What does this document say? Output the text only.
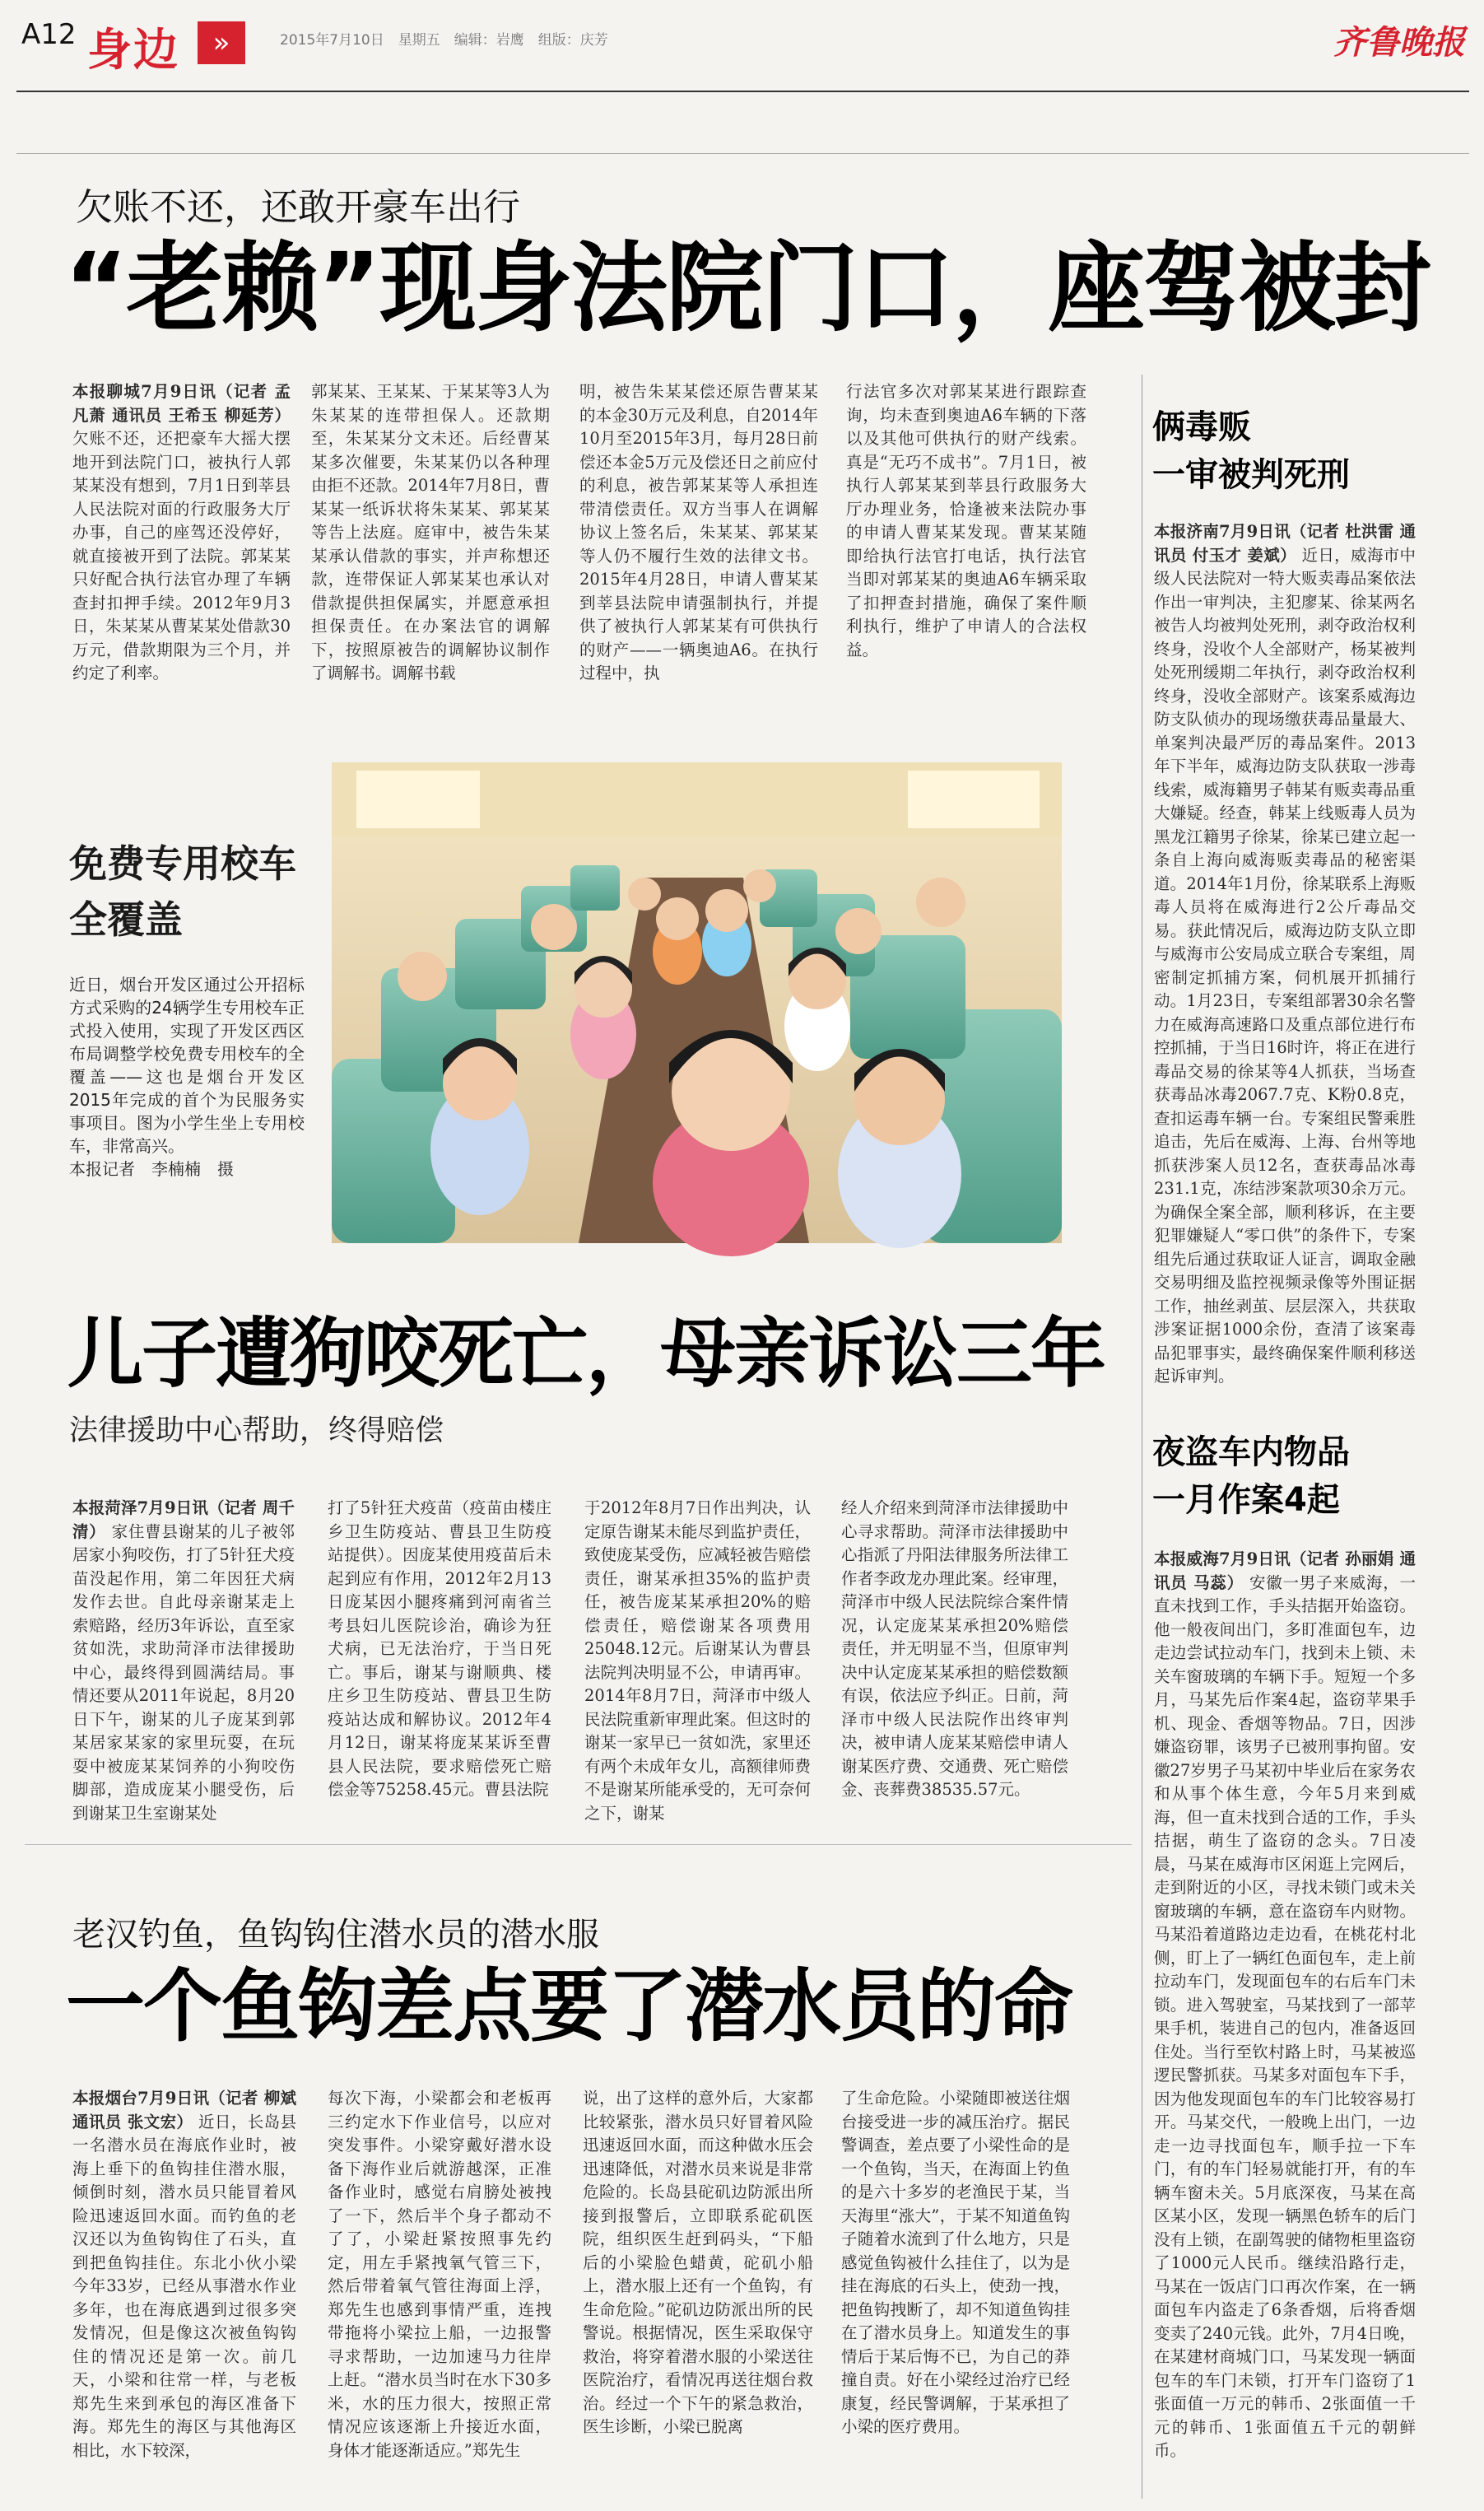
A12 身边	»	2015年7月10日　星期五　编辑：岩鹰　组版：庆芳	齐鲁晚报
欠账不还，还敢开豪车出行
“老赖”现身法院门口，座驾被封
本报聊城7月9日讯（记者 孟凡萧 通讯员 王希玉 柳延芳） 欠账不还，还把豪车大摇大摆地开到法院门口，被执行人郭某某没有想到，7月1日到莘县人民法院对面的行政服务大厅办事，自己的座驾还没停好，就直接被开到了法院。郭某某只好配合执行法官办理了车辆查封扣押手续。2012年9月3日，朱某某从曹某某处借款30万元，借款期限为三个月，并约定了利率。
郭某某、王某某、于某某等3人为朱某某的连带担保人。还款期至，朱某某分文未还。后经曹某某多次催要，朱某某仍以各种理由拒不还款。2014年7月8日，曹某某一纸诉状将朱某某、郭某某等告上法庭。庭审中，被告朱某某承认借款的事实，并声称想还款，连带保证人郭某某也承认对借款提供担保属实，并愿意承担担保责任。在办案法官的调解下，按照原被告的调解协议制作了调解书。调解书载
明，被告朱某某偿还原告曹某某的本金30万元及利息，自2014年10月至2015年3月，每月28日前偿还本金5万元及偿还日之前应付的利息，被告郭某某等人承担连带清偿责任。双方当事人在调解协议上签名后，朱某某、郭某某等人仍不履行生效的法律文书。2015年4月28日，申请人曹某某到莘县法院申请强制执行，并提供了被执行人郭某某有可供执行的财产——一辆奥迪A6。在执行过程中，执
行法官多次对郭某某进行跟踪查询，均未查到奥迪A6车辆的下落以及其他可供执行的财产线索。真是“无巧不成书”。7月1日，被执行人郭某某到莘县行政服务大厅办理业务，恰逢被来法院办事的申请人曹某某发现。曹某某随即给执行法官打电话，执行法官当即对郭某某的奥迪A6车辆采取了扣押查封措施，确保了案件顺利执行，维护了申请人的合法权益。
免费专用校车全覆盖
近日，烟台开发区通过公开招标方式采购的24辆学生专用校车正式投入使用，实现了开发区西区布局调整学校免费专用校车的全覆盖——这也是烟台开发区2015年完成的首个为民服务实事项目。图为小学生坐上专用校车，非常高兴。
本报记者　李楠楠　摄
儿子遭狗咬死亡，母亲诉讼三年
法律援助中心帮助，终得赔偿
本报菏泽7月9日讯（记者 周千清） 家住曹县谢某的儿子被邻居家小狗咬伤，打了5针狂犬疫苗没起作用，第二年因狂犬病发作去世。自此母亲谢某走上索赔路，经历3年诉讼，直至家贫如洗，求助菏泽市法律援助中心，最终得到圆满结局。事情还要从2011年说起，8月20日下午，谢某的儿子庞某到郭某居家某家的家里玩耍，在玩耍中被庞某某饲养的小狗咬伤脚部，造成庞某小腿受伤，后到谢某卫生室谢某处
打了5针狂犬疫苗（疫苗由楼庄乡卫生防疫站、曹县卫生防疫站提供）。因庞某使用疫苗后未起到应有作用，2012年2月13日庞某因小腿疼痛到河南省兰考县妇儿医院诊治，确诊为狂犬病，已无法治疗，于当日死亡。事后，谢某与谢顺典、楼庄乡卫生防疫站、曹县卫生防疫站达成和解协议。2012年4月12日，谢某将庞某某诉至曹县人民法院，要求赔偿死亡赔偿金等75258.45元。曹县法院
于2012年8月7日作出判决，认定原告谢某未能尽到监护责任，致使庞某受伤，应减轻被告赔偿责任，谢某承担35%的监护责任，被告庞某某承担20%的赔偿责任，赔偿谢某各项费用25048.12元。后谢某认为曹县法院判决明显不公，申请再审。2014年8月7日，菏泽市中级人民法院重新审理此案。但这时的谢某一家早已一贫如洗，家里还有两个未成年女儿，高额律师费不是谢某所能承受的，无可奈何之下，谢某
经人介绍来到菏泽市法律援助中心寻求帮助。菏泽市法律援助中心指派了丹阳法律服务所法律工作者李政龙办理此案。经审理，菏泽市中级人民法院综合案件情况，认定庞某某承担20%赔偿责任，并无明显不当，但原审判决中认定庞某某承担的赔偿数额有误，依法应予纠正。日前，菏泽市中级人民法院作出终审判决，被申请人庞某某赔偿申请人谢某医疗费、交通费、死亡赔偿金、丧葬费38535.57元。
老汉钓鱼，鱼钩钩住潜水员的潜水服
一个鱼钩差点要了潜水员的命
本报烟台7月9日讯（记者 柳斌 通讯员 张文宏） 近日，长岛县一名潜水员在海底作业时，被海上垂下的鱼钩挂住潜水服，倾倒时刻，潜水员只能冒着风险迅速返回水面。而钓鱼的老汉还以为鱼钩钩住了石头，直到把鱼钩挂住。东北小伙小梁今年33岁，已经从事潜水作业多年，也在海底遇到过很多突发情况，但是像这次被鱼钩钩住的情况还是第一次。前几天，小梁和往常一样，与老板郑先生来到承包的海区准备下海。郑先生的海区与其他海区相比，水下较深，
每次下海，小梁都会和老板再三约定水下作业信号，以应对突发事件。小梁穿戴好潜水设备下海作业后就游越深，正准备作业时，感觉右肩膀处被拽了一下，然后半个身子都动不了了，小梁赶紧按照事先约定，用左手紧拽氧气管三下，然后带着氧气管往海面上浮，郑先生也感到事情严重，连拽带拖将小梁拉上船，一边报警寻求帮助，一边加速马力往岸上赶。“潜水员当时在水下30多米，水的压力很大，按照正常情况应该逐渐上升接近水面，身体才能逐渐适应。”郑先生
说，出了这样的意外后，大家都比较紧张，潜水员只好冒着风险迅速返回水面，而这种做水压会迅速降低，对潜水员来说是非常危险的。长岛县砣矶边防派出所接到报警后，立即联系砣矶医院，组织医生赶到码头，“下船后的小梁脸色蜡黄，砣矶小船上，潜水服上还有一个鱼钩，有生命危险。”砣矶边防派出所的民警说。根据情况，医生采取保守救治，将穿着潜水服的小梁送往医院治疗，看情况再送往烟台救治。经过一个下午的紧急救治，医生诊断，小梁已脱离
了生命危险。小梁随即被送往烟台接受进一步的减压治疗。据民警调查，差点要了小梁性命的是一个鱼钩，当天，在海面上钓鱼的是六十多岁的老渔民于某，当天海里“涨大”，于某不知道鱼钩子随着水流到了什么地方，只是感觉鱼钩被什么挂住了，以为是挂在海底的石头上，使劲一拽，把鱼钩拽断了，却不知道鱼钩挂在了潜水员身上。知道发生的事情后于某后悔不已，为自己的莽撞自责。好在小梁经过治疗已经康复，经民警调解，于某承担了小梁的医疗费用。
俩毒贩
一审被判死刑
本报济南7月9日讯（记者 杜洪雷 通讯员 付玉才 姜斌） 近日，威海市中级人民法院对一特大贩卖毒品案依法作出一审判决，主犯廖某、徐某两名被告人均被判处死刑，剥夺政治权利终身，没收个人全部财产，杨某被判处死刑缓期二年执行，剥夺政治权利终身，没收全部财产。该案系威海边防支队侦办的现场缴获毒品量最大、单案判决最严厉的毒品案件。2013年下半年，威海边防支队获取一涉毒线索，威海籍男子韩某有贩卖毒品重大嫌疑。经查，韩某上线贩毒人员为黑龙江籍男子徐某，徐某已建立起一条自上海向威海贩卖毒品的秘密渠道。2014年1月份，徐某联系上海贩毒人员将在威海进行2公斤毒品交易。获此情况后，威海边防支队立即与威海市公安局成立联合专案组，周密制定抓捕方案，伺机展开抓捕行动。1月23日，专案组部署30余名警力在威海高速路口及重点部位进行布控抓捕，于当日16时许，将正在进行毒品交易的徐某等4人抓获，当场查获毒品冰毒2067.7克、K粉0.8克，查扣运毒车辆一台。专案组民警乘胜追击，先后在威海、上海、台州等地抓获涉案人员12名，查获毒品冰毒231.1克，冻结涉案款项30余万元。为确保全案全部，顺利移诉，在主要犯罪嫌疑人“零口供”的条件下，专案组先后通过获取证人证言，调取金融交易明细及监控视频录像等外围证据工作，抽丝剥茧、层层深入，共获取涉案证据1000余份，查清了该案毒品犯罪事实，最终确保案件顺利移送起诉审判。
夜盗车内物品
一月作案4起
本报威海7月9日讯（记者 孙丽娟 通讯员 马蕊） 安徽一男子来威海，一直未找到工作，手头拮据开始盗窃。他一般夜间出门，多盯准面包车，边走边尝试拉动车门，找到未上锁、未关车窗玻璃的车辆下手。短短一个多月，马某先后作案4起，盗窃苹果手机、现金、香烟等物品。7日，因涉嫌盗窃罪，该男子已被刑事拘留。安徽27岁男子马某初中毕业后在家务农和从事个体生意，今年5月来到威海，但一直未找到合适的工作，手头拮据，萌生了盗窃的念头。7日凌晨，马某在威海市区闲逛上完网后，走到附近的小区，寻找未锁门或未关窗玻璃的车辆，意在盗窃车内财物。马某沿着道路边走边看，在桃花村北侧，盯上了一辆红色面包车，走上前拉动车门，发现面包车的右后车门未锁。进入驾驶室，马某找到了一部苹果手机，装进自己的包内，准备返回住处。当行至钦村路上时，马某被巡逻民警抓获。马某多对面包车下手，因为他发现面包车的车门比较容易打开。马某交代，一般晚上出门，一边走一边寻找面包车，顺手拉一下车门，有的车门轻易就能打开，有的车辆车窗未关。5月底深夜，马某在高区某小区，发现一辆黑色轿车的后门没有上锁，在副驾驶的储物柜里盗窃了1000元人民币。继续沿路行走，马某在一饭店门口再次作案，在一辆面包车内盗走了6条香烟，后将香烟变卖了240元钱。此外，7月4日晚，在某建材商城门口，马某发现一辆面包车的车门未锁，打开车门盗窃了1张面值一万元的韩币、2张面值一千元的韩币、1张面值五千元的朝鲜币。
